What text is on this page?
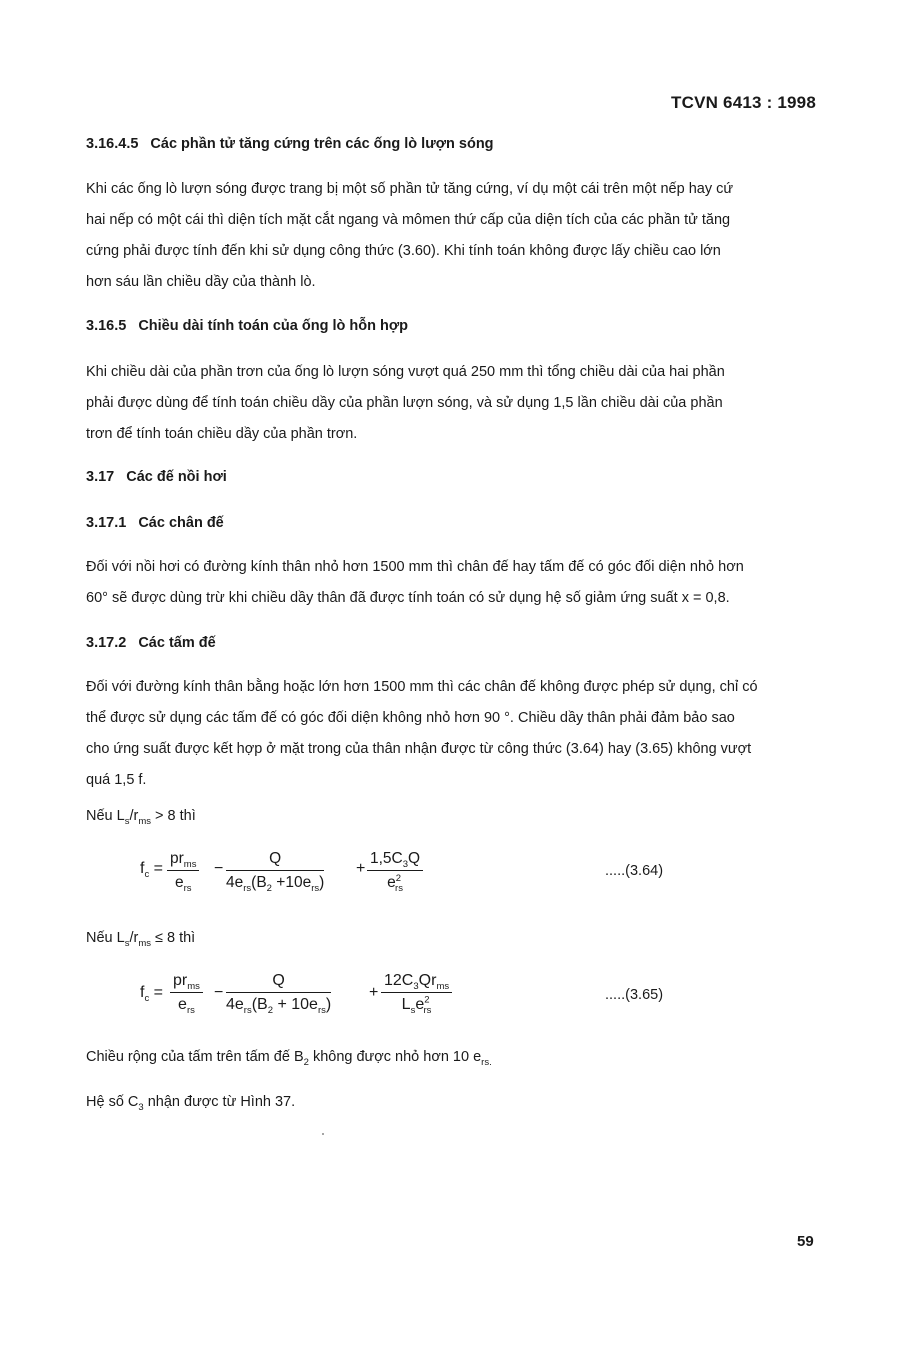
TCVN 6413 : 1998
3.16.4.5 Các phần tử tăng cứng trên các ống lò lượn sóng
Khi các ống lò lượn sóng được trang bị một số phần tử tăng cứng, ví dụ một cái trên một nếp hay cứ
hai nếp có một cái thì diện tích mặt cắt ngang và mômen thứ cấp của diện tích của các phần tử tăng
cứng phải được tính đến khi sử dụng công thức (3.60). Khi tính toán không được lấy chiều cao lớn
hơn sáu lần chiều dầy của thành lò.
3.16.5 Chiều dài tính toán của ống lò hỗn hợp
Khi chiều dài của phần trơn của ống lò lượn sóng vượt quá 250 mm thì tổng chiều dài của hai phần
phải được dùng để tính toán chiều dầy của phần lượn sóng, và sử dụng 1,5 lần chiều dài của phần
trơn để tính toán chiều dầy của phần trơn.
3.17 Các đế nồi hơi
3.17.1 Các chân đế
Đối với nồi hơi có đường kính thân nhỏ hơn 1500 mm thì chân đế hay tấm đế có góc đối diện nhỏ hơn
60° sẽ được dùng trừ khi chiều dầy thân đã được tính toán có sử dụng hệ số giảm ứng suất x = 0,8.
3.17.2 Các tấm đế
Đối với đường kính thân bằng hoặc lớn hơn 1500 mm thì các chân đế không được phép sử dụng, chỉ có
thể được sử dụng các tấm đế có góc đối diện không nhỏ hơn 90 °. Chiều dầy thân phải đảm bảo sao
cho ứng suất được kết hợp ở mặt trong của thân nhận được từ công thức (3.64) hay (3.65) không vượt
quá 1,5 f.
Nếu $L_s/r_{ms} > 8$ thì
$f_c$ =
$pr_{ms}$
$e_{rs}$
−
Q
$4e_{rs}(B_2 +10e_{rs})$
+ $\frac{1,5C_3Q}{e^2_{rs}}$	.....(3.64)
Nếu $L_s/r_{ms} \le 8$ thì
$f_c$ =
$pr_{ms}$
$e_{rs}$
−
Q
$4e_{rs}(B_2 + 10e_{rs})$
+
$12C_3Qr_{ms}$
$L_se^2_{rs}$
.....(3.65)
Chiều rộng của tấm trên tấm đế $B_2$ không được nhỏ hơn 10 $e_{rs.}$
Hệ số $C_3$ nhận được từ Hình 37.
59
